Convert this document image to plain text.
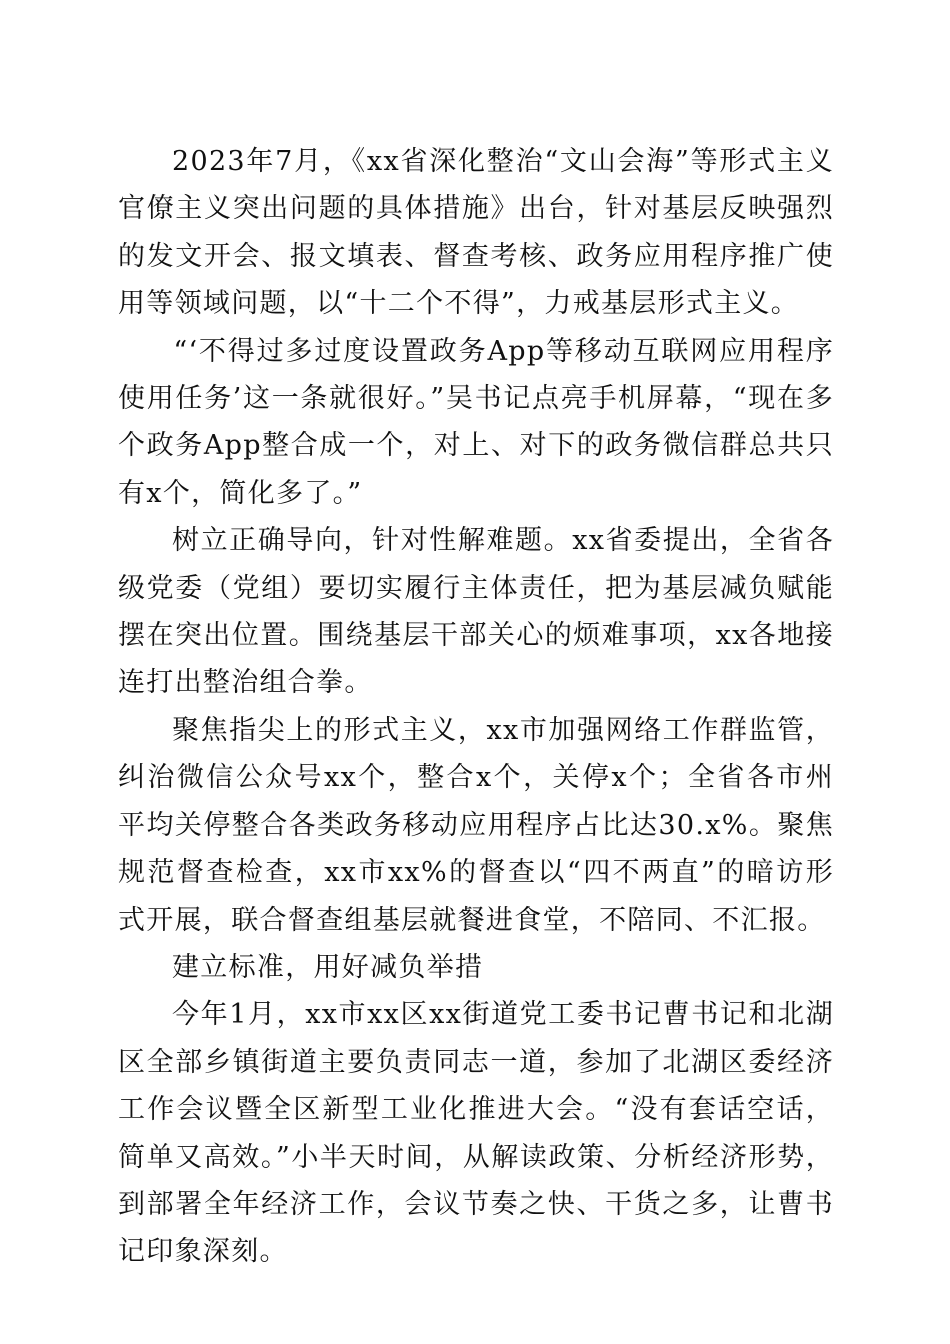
2023年7月，《xx省深化整治“文山会海”等形式主义官僚主义突出问题的具体措施》出台，针对基层反映强烈的发文开会、报文填表、督查考核、政务应用程序推广使用等领域问题，以“十二个不得”，力戒基层形式主义。

“‘不得过多过度设置政务App等移动互联网应用程序使用任务’这一条就很好。”吴书记点亮手机屏幕，“现在多个政务App整合成一个，对上、对下的政务微信群总共只有x个，简化多了。”

树立正确导向，针对性解难题。xx省委提出，全省各级党委（党组）要切实履行主体责任，把为基层减负赋能摆在突出位置。围绕基层干部关心的烦难事项，xx各地接连打出整治组合拳。

聚焦指尖上的形式主义，xx市加强网络工作群监管，纠治微信公众号xx个，整合x个，关停x个；全省各市州平均关停整合各类政务移动应用程序占比达30.x%。聚焦规范督查检查，xx市xx%的督查以“四不两直”的暗访形式开展，联合督查组基层就餐进食堂，不陪同、不汇报。

建立标准，用好减负举措

今年1月，xx市xx区xx街道党工委书记曹书记和北湖区全部乡镇街道主要负责同志一道，参加了北湖区委经济工作会议暨全区新型工业化推进大会。“没有套话空话，简单又高效。”小半天时间，从解读政策、分析经济形势，到部署全年经济工作，会议节奏之快、干货之多，让曹书记印象深刻。
